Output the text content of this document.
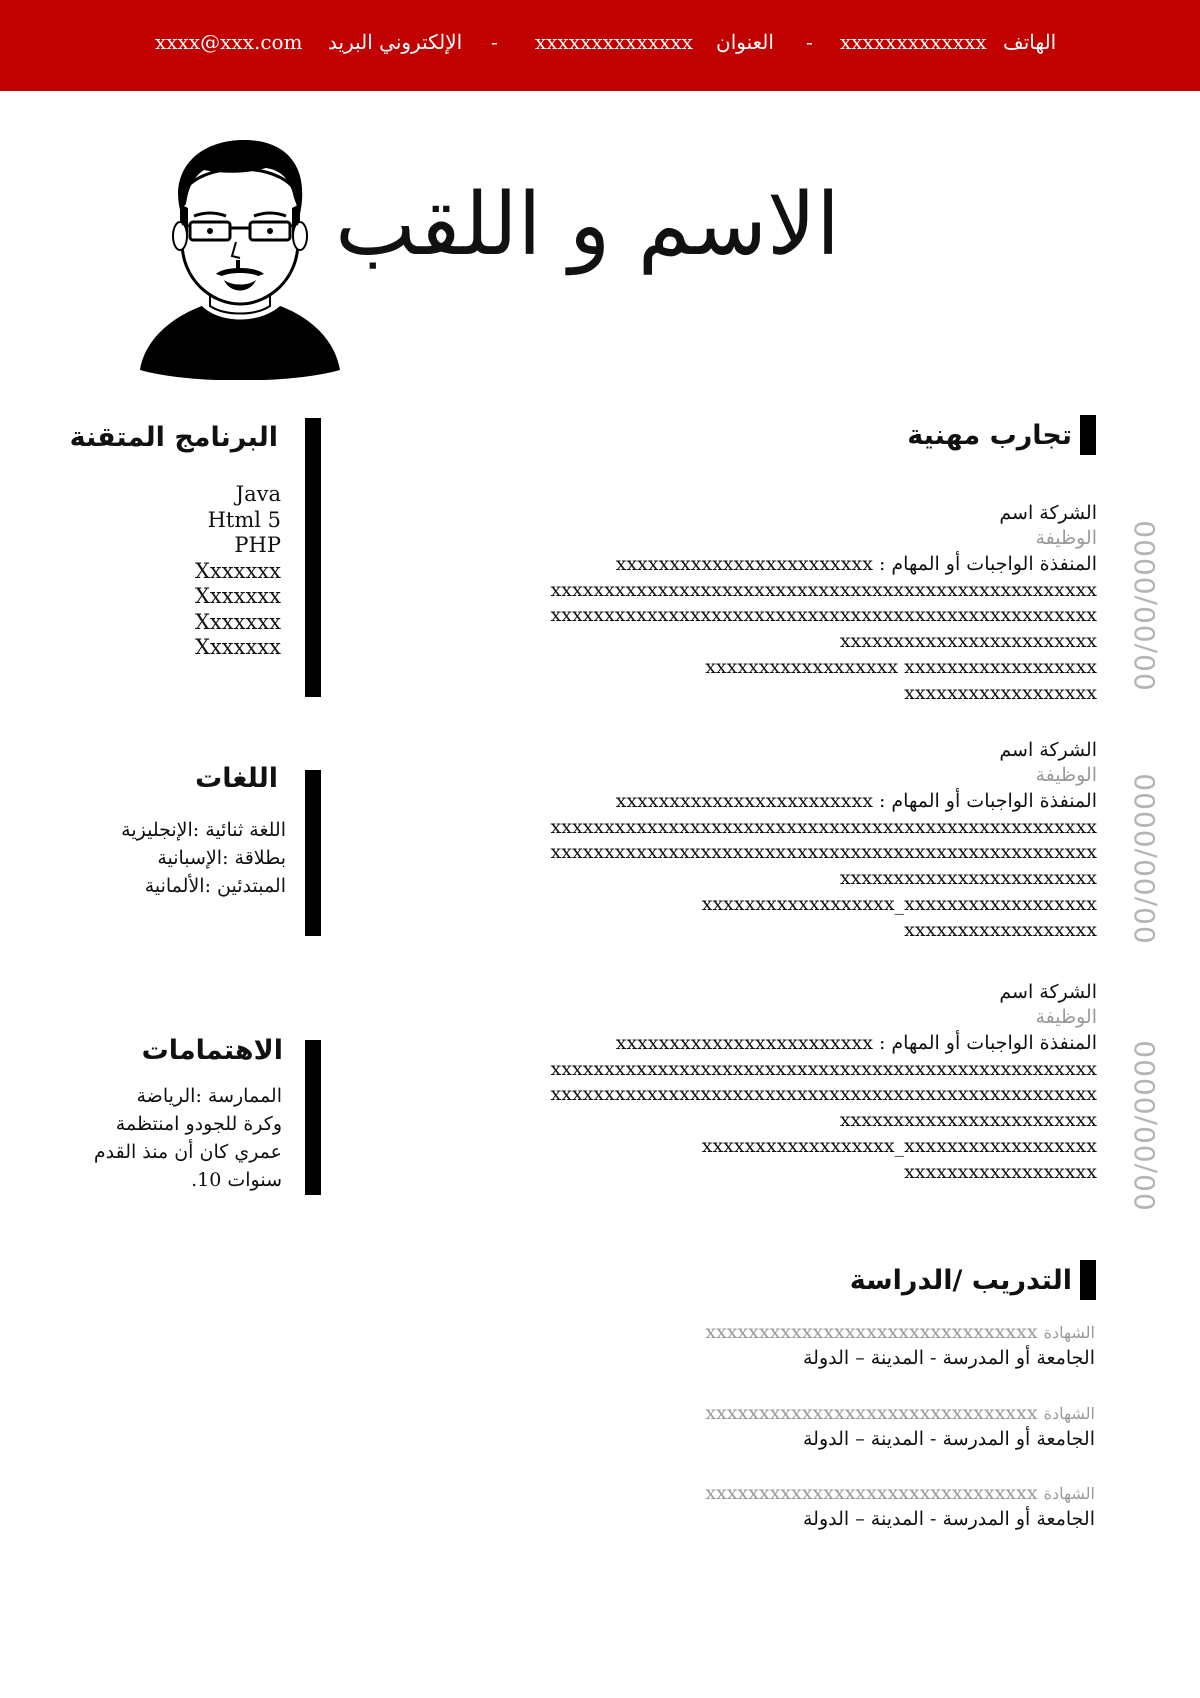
xxxx@xxx.com الإلكتروني البريد - xxxxxxxxxxxxxx العنوان - xxxxxxxxxxxxx الهاتف
الاسم و اللقب
تجارب مهنية
الشركة اسم
الوظيفة
المنفذة الواجبات أو المهام : xxxxxxxxxxxxxxxxxxxxxxxx
xxxxxxxxxxxxxxxxxxxxxxxxxxxxxxxxxxxxxxxxxxxxxxxxxxx
xxxxxxxxxxxxxxxxxxxxxxxxxxxxxxxxxxxxxxxxxxxxxxxxxxx
xxxxxxxxxxxxxxxxxxxxxxxx
xxxxxxxxxxxxxxxxxx xxxxxxxxxxxxxxxxxx
xxxxxxxxxxxxxxxxxx
00/00/0000
الشركة اسم
الوظيفة
المنفذة الواجبات أو المهام : xxxxxxxxxxxxxxxxxxxxxxxx
xxxxxxxxxxxxxxxxxxxxxxxxxxxxxxxxxxxxxxxxxxxxxxxxxxx
xxxxxxxxxxxxxxxxxxxxxxxxxxxxxxxxxxxxxxxxxxxxxxxxxxx
xxxxxxxxxxxxxxxxxxxxxxxx
xxxxxxxxxxxxxxxxxx_xxxxxxxxxxxxxxxxxx
xxxxxxxxxxxxxxxxxx 00/00/0000
الشركة اسم
الوظيفة
المنفذة الواجبات أو المهام : xxxxxxxxxxxxxxxxxxxxxxxx
xxxxxxxxxxxxxxxxxxxxxxxxxxxxxxxxxxxxxxxxxxxxxxxxxxx
xxxxxxxxxxxxxxxxxxxxxxxxxxxxxxxxxxxxxxxxxxxxxxxxxxx
xxxxxxxxxxxxxxxxxxxxxxxx
xxxxxxxxxxxxxxxxxx_xxxxxxxxxxxxxxxxxx
xxxxxxxxxxxxxxxxxx 00/00/0000
التدريب /الدراسة
xxxxxxxxxxxxxxxxxxxxxxxxxxxxxxx الشهادة
الجامعة أو المدرسة - المدينة – الدولة
xxxxxxxxxxxxxxxxxxxxxxxxxxxxxxx الشهادة
الجامعة أو المدرسة - المدينة – الدولة
xxxxxxxxxxxxxxxxxxxxxxxxxxxxxxx الشهادة
الجامعة أو المدرسة - المدينة – الدولة
البرنامج المتقنة
Java
Html 5
PHP
Xxxxxxx
Xxxxxxx
Xxxxxxx
Xxxxxxx
اللغات
اللغة ثنائية :الإنجليزية
بطلاقة :الإسبانية
المبتدئين :الألمانية
الاهتمامات
الممارسة :الرياضة
وكرة للجودو امنتظمة
عمري كان أن منذ القدم
سنوات 10.
